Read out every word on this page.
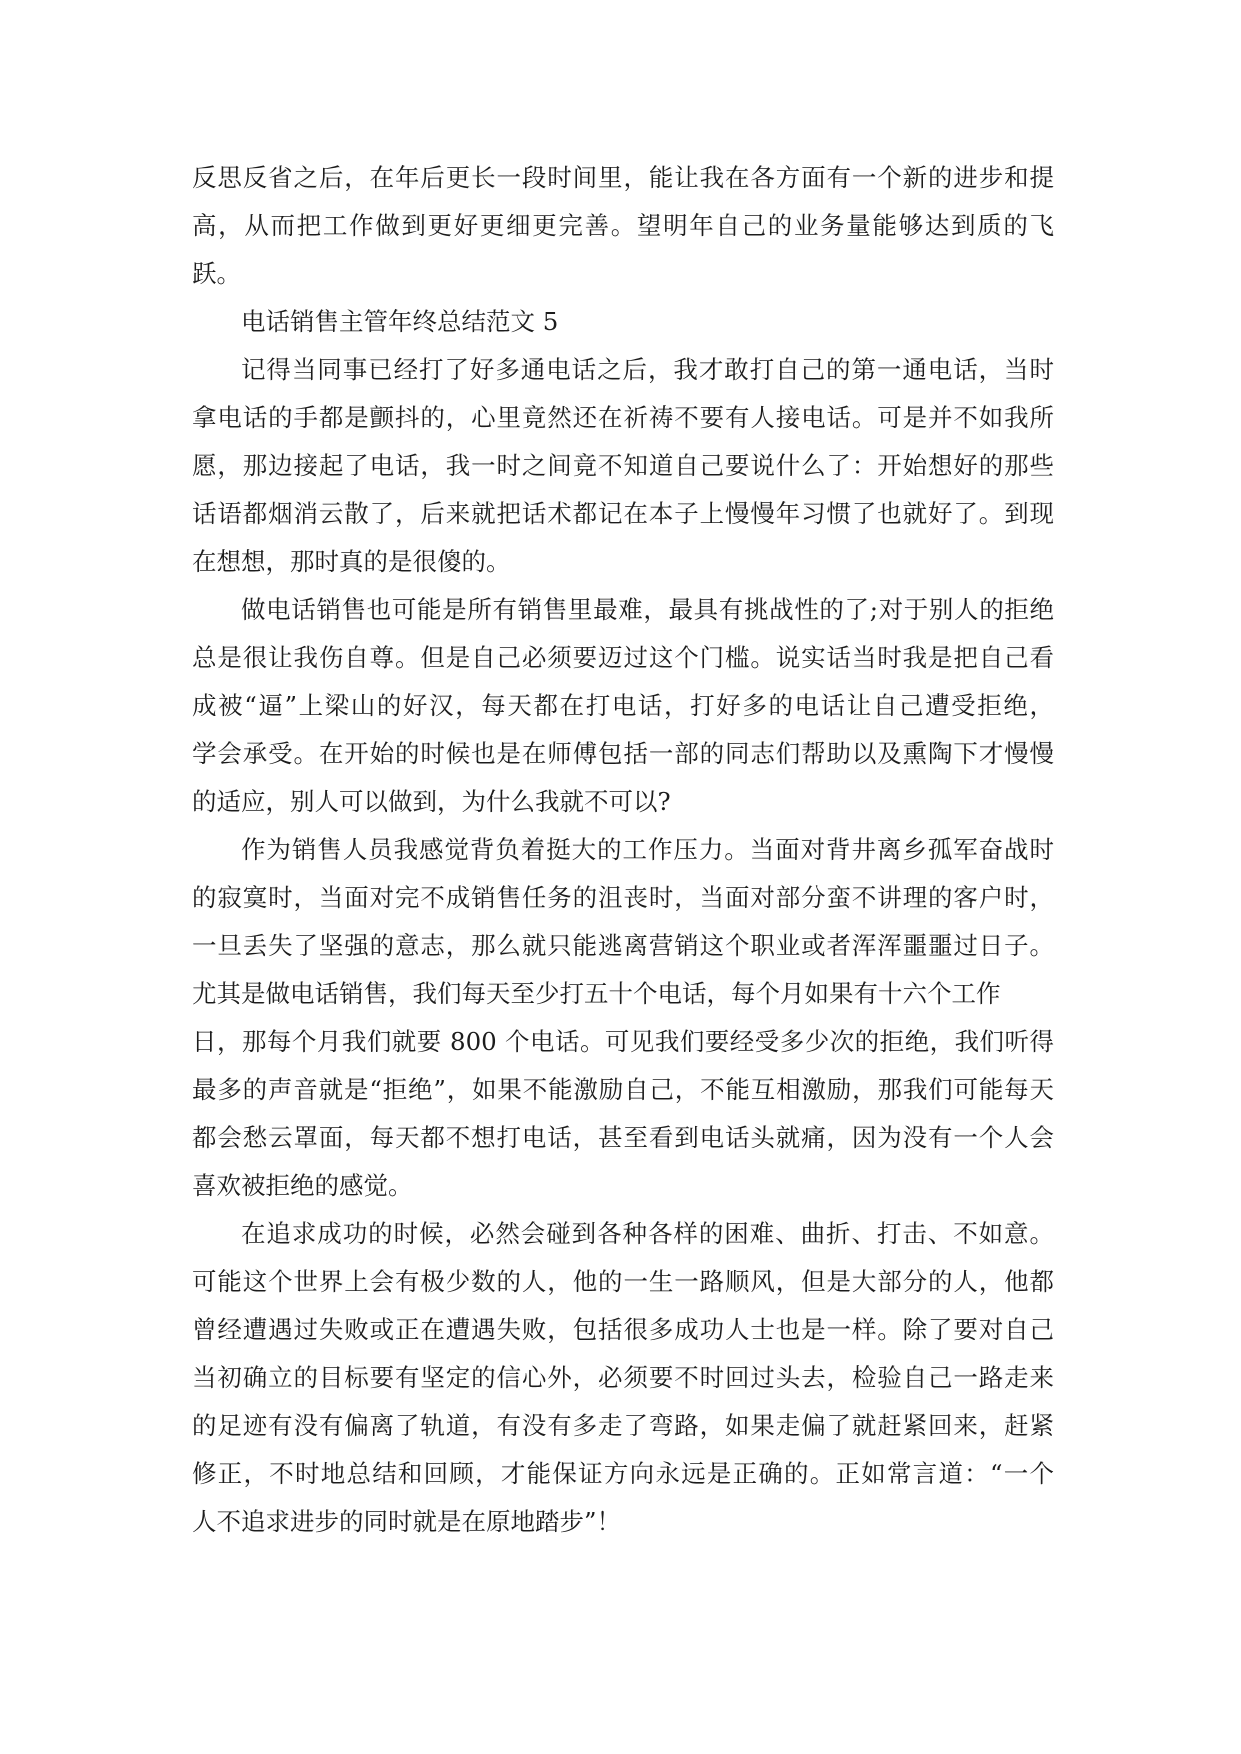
反思反省之后，在年后更长一段时间里，能让我在各方面有一个新的进步和提
高，从而把工作做到更好更细更完善。望明年自己的业务量能够达到质的飞
跃。
电话销售主管年终总结范文 5
记得当同事已经打了好多通电话之后，我才敢打自己的第一通电话，当时
拿电话的手都是颤抖的，心里竟然还在祈祷不要有人接电话。可是并不如我所
愿，那边接起了电话，我一时之间竟不知道自己要说什么了：开始想好的那些
话语都烟消云散了，后来就把话术都记在本子上慢慢年习惯了也就好了。到现
在想想，那时真的是很傻的。
做电话销售也可能是所有销售里最难，最具有挑战性的了;对于别人的拒绝
总是很让我伤自尊。但是自己必须要迈过这个门槛。说实话当时我是把自己看
成被“逼”上梁山的好汉，每天都在打电话，打好多的电话让自己遭受拒绝，
学会承受。在开始的时候也是在师傅包括一部的同志们帮助以及熏陶下才慢慢
的适应，别人可以做到，为什么我就不可以?
作为销售人员我感觉背负着挺大的工作压力。当面对背井离乡孤军奋战时
的寂寞时，当面对完不成销售任务的沮丧时，当面对部分蛮不讲理的客户时，
一旦丢失了坚强的意志，那么就只能逃离营销这个职业或者浑浑噩噩过日子。
尤其是做电话销售，我们每天至少打五十个电话，每个月如果有十六个工作
日，那每个月我们就要 800 个电话。可见我们要经受多少次的拒绝，我们听得
最多的声音就是“拒绝”，如果不能激励自己，不能互相激励，那我们可能每天
都会愁云罩面，每天都不想打电话，甚至看到电话头就痛，因为没有一个人会
喜欢被拒绝的感觉。
在追求成功的时候，必然会碰到各种各样的困难、曲折、打击、不如意。
可能这个世界上会有极少数的人，他的一生一路顺风，但是大部分的人，他都
曾经遭遇过失败或正在遭遇失败，包括很多成功人士也是一样。除了要对自己
当初确立的目标要有坚定的信心外，必须要不时回过头去，检验自己一路走来
的足迹有没有偏离了轨道，有没有多走了弯路，如果走偏了就赶紧回来，赶紧
修正，不时地总结和回顾，才能保证方向永远是正确的。正如常言道：“一个
人不追求进步的同时就是在原地踏步”！
